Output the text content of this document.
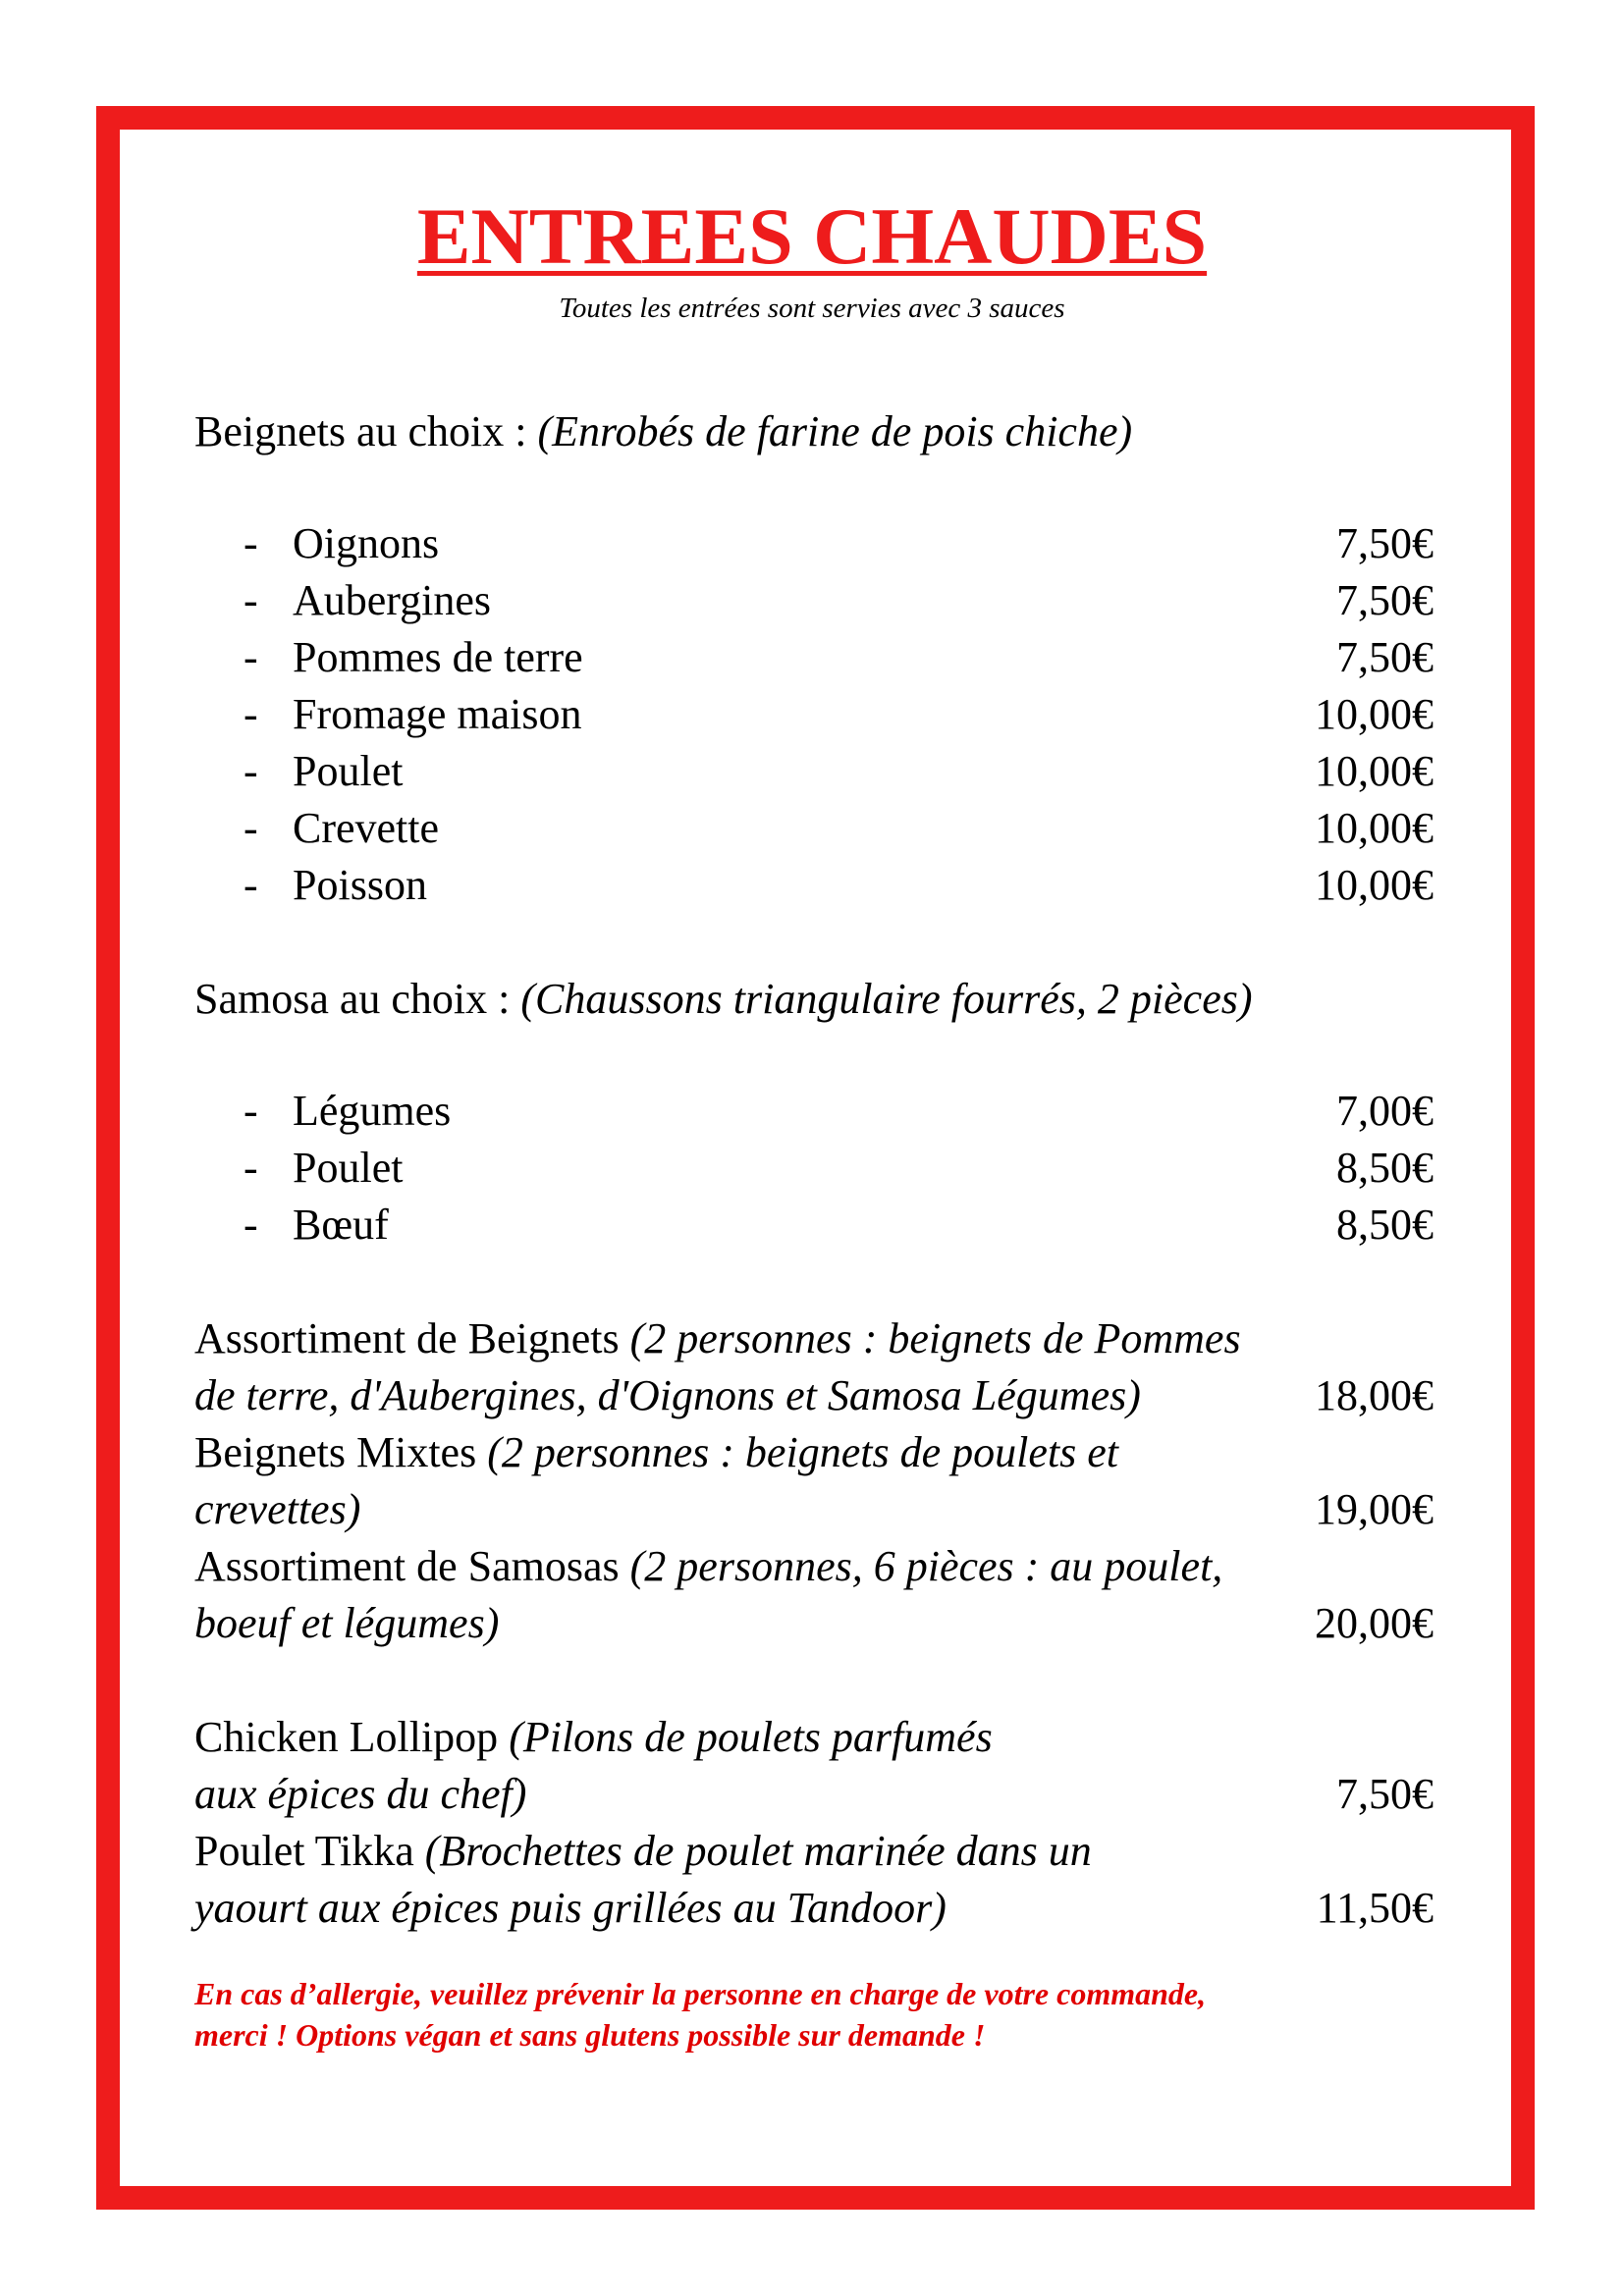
ENTREES CHAUDES
Toutes les entrées sont servies avec 3 sauces
Beignets au choix : (Enrobés de farine de pois chiche)
- Oignons	7,50€
- Aubergines	7,50€
- Pommes de terre	7,50€
- Fromage maison	10,00€
- Poulet	10,00€
- Crevette	10,00€
- Poisson	10,00€
Samosa au choix : (Chaussons triangulaire fourrés, 2 pièces)
- Légumes	7,00€
- Poulet	8,50€
- Bœuf	8,50€
Assortiment de Beignets (2 personnes : beignets de Pommes
de terre, d'Aubergines, d'Oignons et Samosa Légumes)	18,00€
Beignets Mixtes (2 personnes : beignets de poulets et
crevettes)	19,00€
Assortiment de Samosas (2 personnes, 6 pièces : au poulet,
boeuf et légumes)	20,00€
Chicken Lollipop (Pilons de poulets parfumés
aux épices du chef)	7,50€
Poulet Tikka (Brochettes de poulet marinée dans un
yaourt aux épices puis grillées au Tandoor)	11,50€
En cas d’allergie, veuillez prévenir la personne en charge de votre commande,
merci ! Options végan et sans glutens possible sur demande !
